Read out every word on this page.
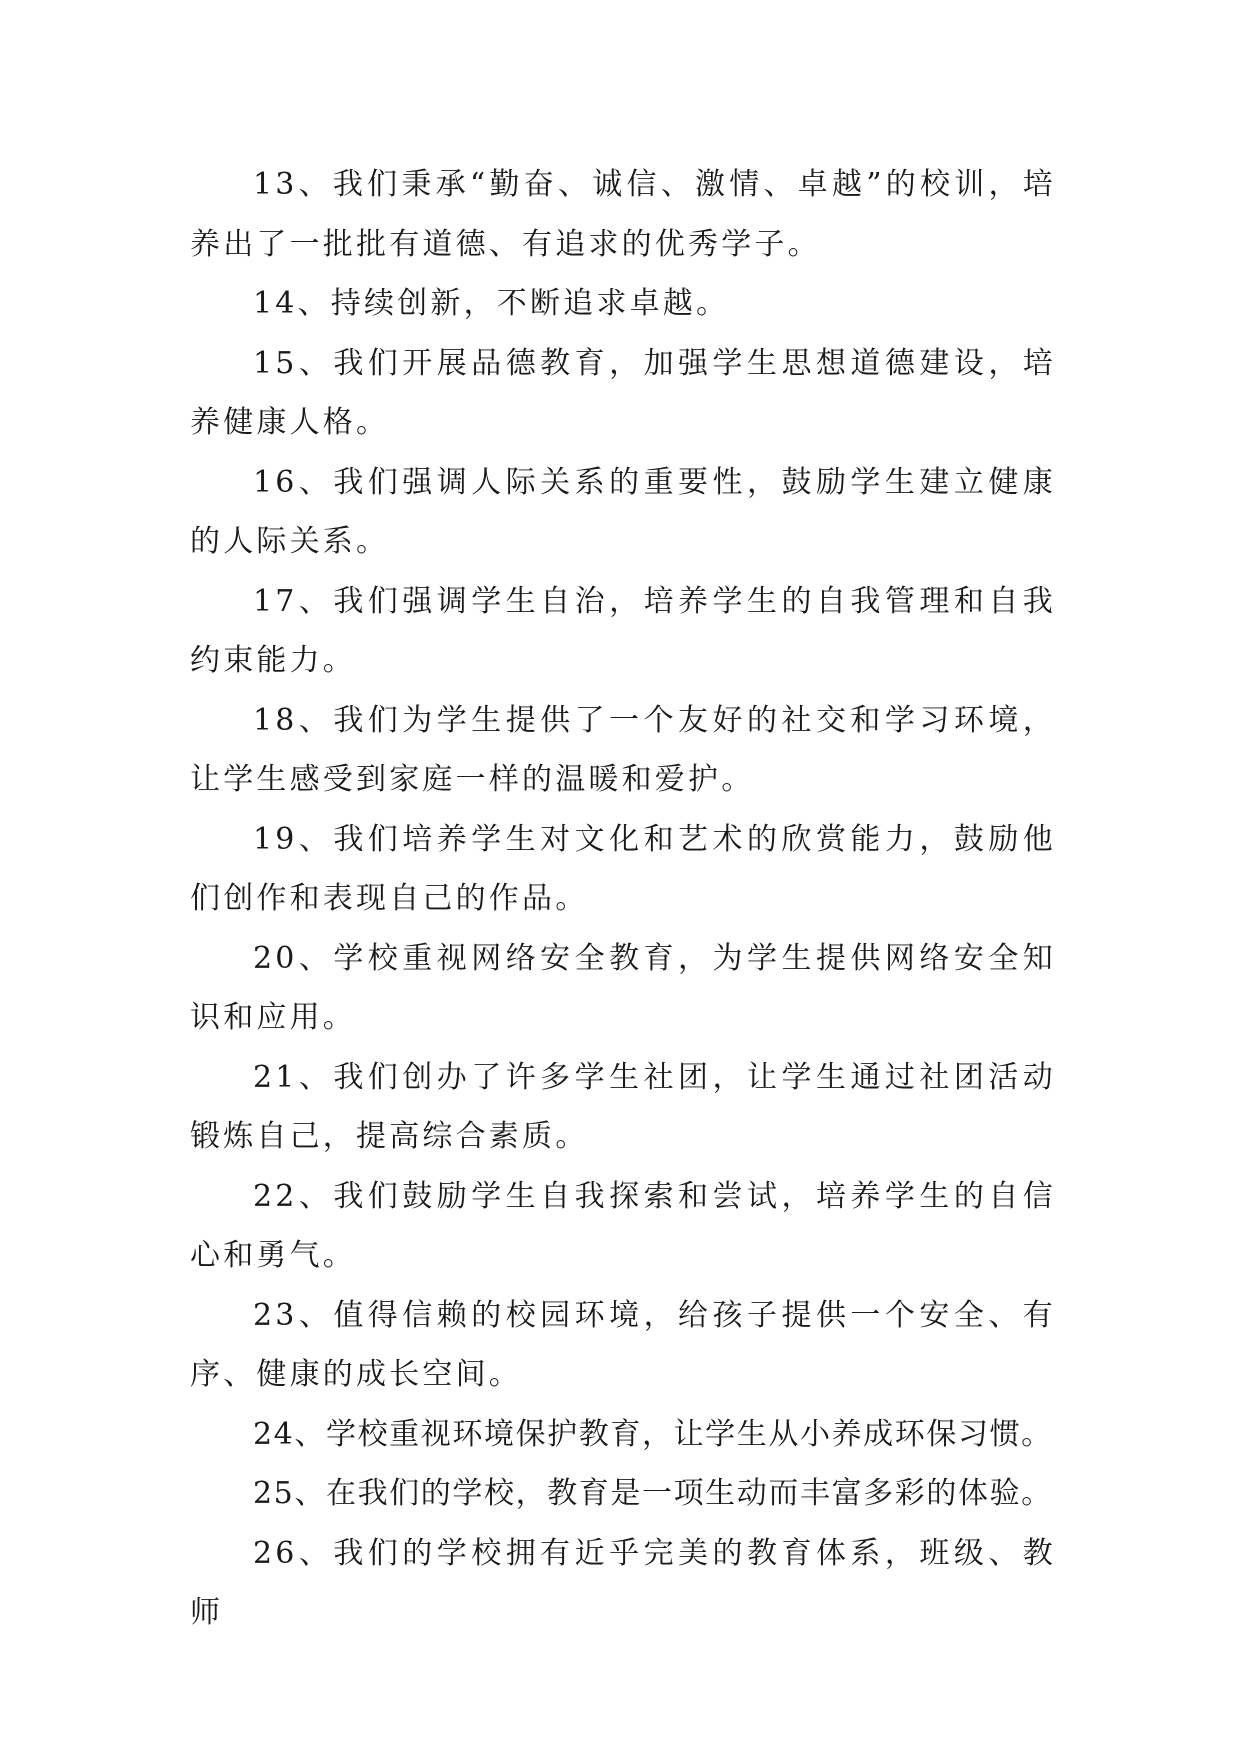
13、我们秉承“勤奋、诚信、激情、卓越”的校训，培养出了一批批有道德、有追求的优秀学子。

14、持续创新，不断追求卓越。

15、我们开展品德教育，加强学生思想道德建设，培养健康人格。

16、我们强调人际关系的重要性，鼓励学生建立健康的人际关系。

17、我们强调学生自治，培养学生的自我管理和自我约束能力。

18、我们为学生提供了一个友好的社交和学习环境，让学生感受到家庭一样的温暖和爱护。

19、我们培养学生对文化和艺术的欣赏能力，鼓励他们创作和表现自己的作品。

20、学校重视网络安全教育，为学生提供网络安全知识和应用。

21、我们创办了许多学生社团，让学生通过社团活动锻炼自己，提高综合素质。

22、我们鼓励学生自我探索和尝试，培养学生的自信心和勇气。

23、值得信赖的校园环境，给孩子提供一个安全、有序、健康的成长空间。

24、学校重视环境保护教育，让学生从小养成环保习惯。

25、在我们的学校，教育是一项生动而丰富多彩的体验。

26、我们的学校拥有近乎完美的教育体系，班级、教师
